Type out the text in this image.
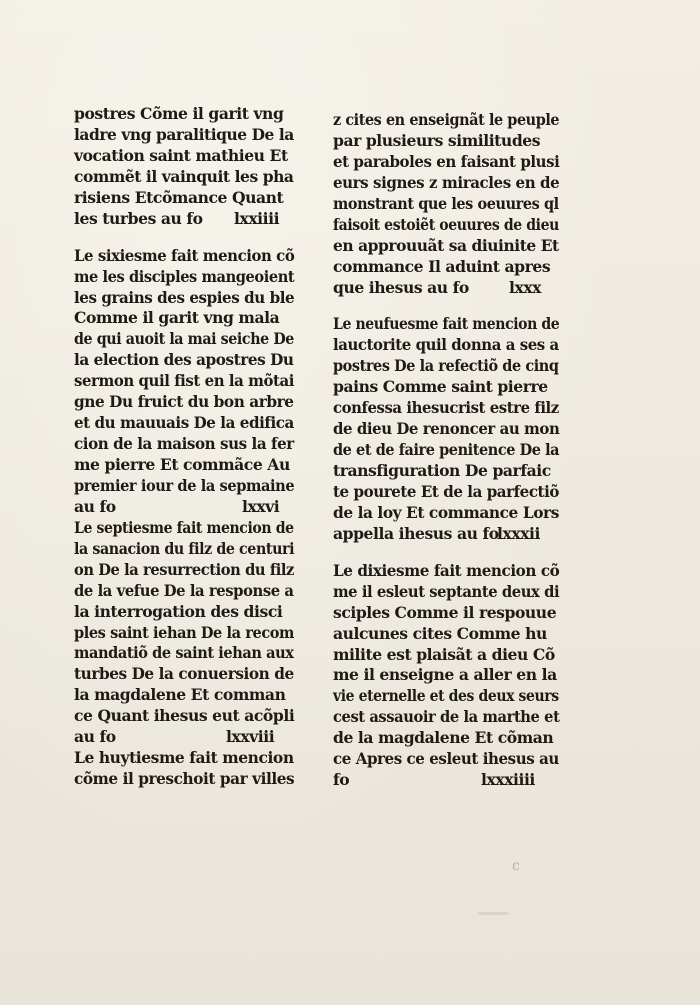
postres Cõme il garit vng
ladre vng paralitique De la
vocation saint mathieu Et
commẽt il vainquit les pha
risiens Etcõmance Quant
les turbes au fo lxxiiii
Le sixiesme fait mencion cõ
me les disciples mangeoient
les grains des espies du ble
Comme il garit vng mala
de qui auoit la mai seiche De
la election des apostres Du
sermon quil fist en la mõtai
gne Du fruict du bon arbre
et du mauuais De la edifica
cion de la maison sus la fer
me pierre Et commãce Au
premier iour de la sepmaine
au fo	lxxvi
Le septiesme fait mencion de
la sanacion du filz de centuri
on De la resurrection du filz
de la vefue De la response a
la interrogation des disci
ples saint iehan De la recom
mandatiõ de saint iehan aux
turbes De la conuersion de
la magdalene Et comman
ce Quant ihesus eut acõpli
au fo	lxxviii
Le huytiesme fait mencion
cõme il preschoit par villes
z cites en enseignãt le peuple
par plusieurs similitudes
et paraboles en faisant plusi
eurs signes z miracles en de
monstrant que les oeuures ql
faisoit estoiẽt oeuures de dieu
en approuuãt sa diuinite Et
commance Il aduint apres
que ihesus au fo	lxxx
Le neufuesme fait mencion de
lauctorite quil donna a ses a
postres De la refectiõ de cinq
pains Comme saint pierre
confessa ihesucrist estre filz
de dieu De renoncer au mon
de et de faire penitence De la
transfiguration De parfaic
te pourete Et de la parfectiõ
de la loy Et commance Lors
appella ihesus au fo
lxxxii
Le dixiesme fait mencion cõ
me il esleut septante deux di
sciples Comme il respouue
aulcunes cites Comme hu
milite est plaisãt a dieu Cõ
me il enseigne a aller en la
vie eternelle et des deux seurs
cest assauoir de la marthe et
de la magdalene Et cõman
ce Apres ce esleut ihesus au
fo	lxxxiiii
c
